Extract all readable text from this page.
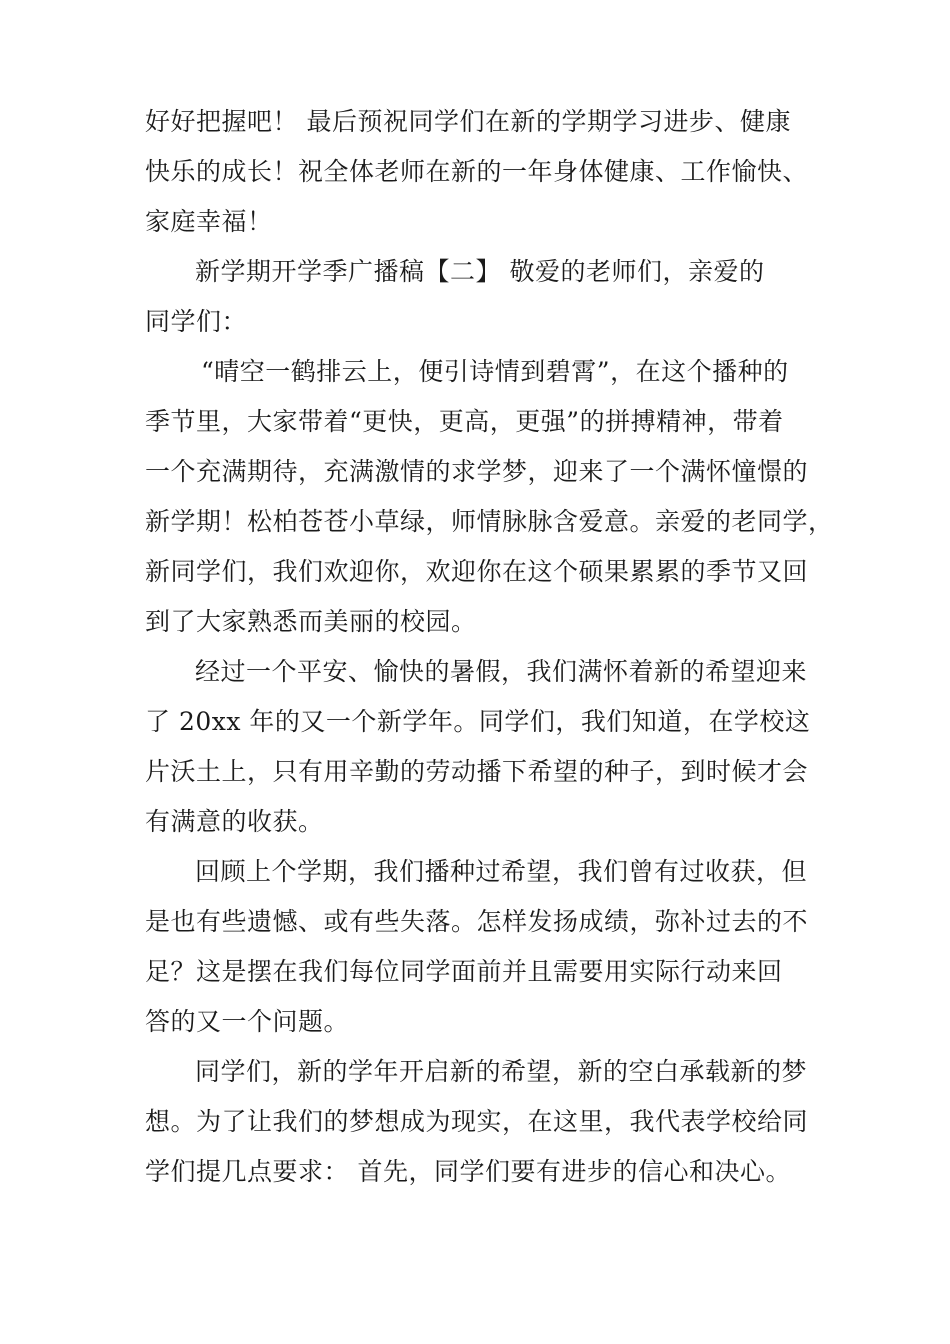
好好把握吧！ 最后预祝同学们在新的学期学习进步、健康
快乐的成长！祝全体老师在新的一年身体健康、工作愉快、
家庭幸福！

新学期开学季广播稿【二】 敬爱的老师们，亲爱的
同学们：

“晴空一鹤排云上，便引诗情到碧霄”，在这个播种的
季节里，大家带着“更快，更高，更强”的拼搏精神，带着
一个充满期待，充满激情的求学梦，迎来了一个满怀憧憬的
新学期！松柏苍苍小草绿，师情脉脉含爱意。亲爱的老同学，
新同学们，我们欢迎你，欢迎你在这个硕果累累的季节又回
到了大家熟悉而美丽的校园。

经过一个平安、愉快的暑假，我们满怀着新的希望迎来
了 20xx 年的又一个新学年。同学们，我们知道，在学校这
片沃土上，只有用辛勤的劳动播下希望的种子，到时候才会
有满意的收获。

回顾上个学期，我们播种过希望，我们曾有过收获，但
是也有些遗憾、或有些失落。怎样发扬成绩，弥补过去的不
足？这是摆在我们每位同学面前并且需要用实际行动来回
答的又一个问题。

同学们，新的学年开启新的希望，新的空白承载新的梦
想。为了让我们的梦想成为现实，在这里，我代表学校给同
学们提几点要求： 首先，同学们要有进步的信心和决心。
